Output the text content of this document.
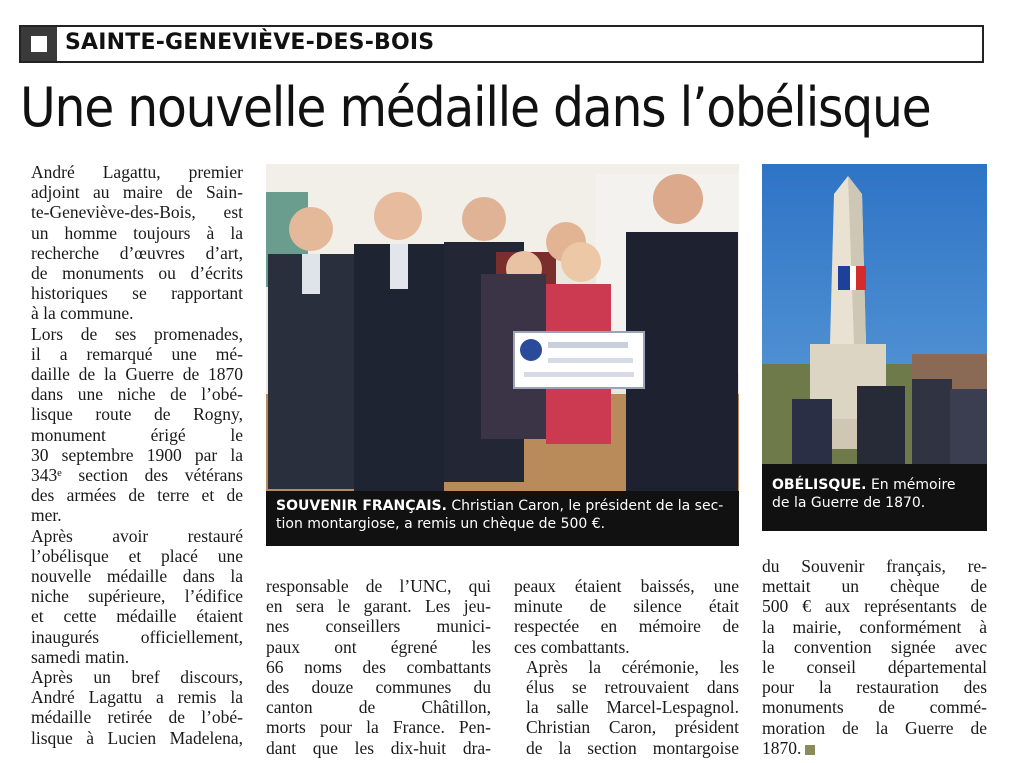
SAINTE-GENEVIÈVE-DES-BOIS
Une nouvelle médaille dans l’obélisque

André Lagattu, premier
adjoint au maire de Sain-
te-Geneviève-des-Bois, est
un homme toujours à la
recherche d’œuvres d’art,
de monuments ou d’écrits
historiques se rapportant
à la commune.

Lors de ses promenades,
il a remarqué une mé-
daille de la Guerre de 1870
dans une niche de l’obé-
lisque route de Rogny,
monument érigé le
30 septembre 1900 par la
343ᵉ section des vétérans
des armées de terre et de
mer.

Après avoir restauré
l’obélisque et placé une
nouvelle médaille dans la
niche supérieure, l’édifice
et cette médaille étaient
inaugurés officiellement,
samedi matin.

Après un bref discours,
André Lagattu a remis la
médaille retirée de l’obé-
lisque à Lucien Madelena,

SOUVENIR FRANÇAIS. Christian Caron, le président de la sec-
tion montargiose, a remis un chèque de 500 €.
OBÉLISQUE. En mémoire
de la Guerre de 1870.

responsable de l’UNC, qui
en sera le garant. Les jeu-
nes conseillers munici-
paux ont égrené les
66 noms des combattants
des douze communes du
canton de Châtillon,
morts pour la France. Pen-
dant que les dix-huit dra-

peaux étaient baissés, une
minute de silence était
respectée en mémoire de
ces combattants.

Après la cérémonie, les
élus se retrouvaient dans
la salle Marcel-Lespagnol.
Christian Caron, président
de la section montargoise

du Souvenir français, re-
mettait un chèque de
500 € aux représentants de
la mairie, conformément à
la convention signée avec
le conseil départemental
pour la restauration des
monuments de commé-
moration de la Guerre de
1870.
